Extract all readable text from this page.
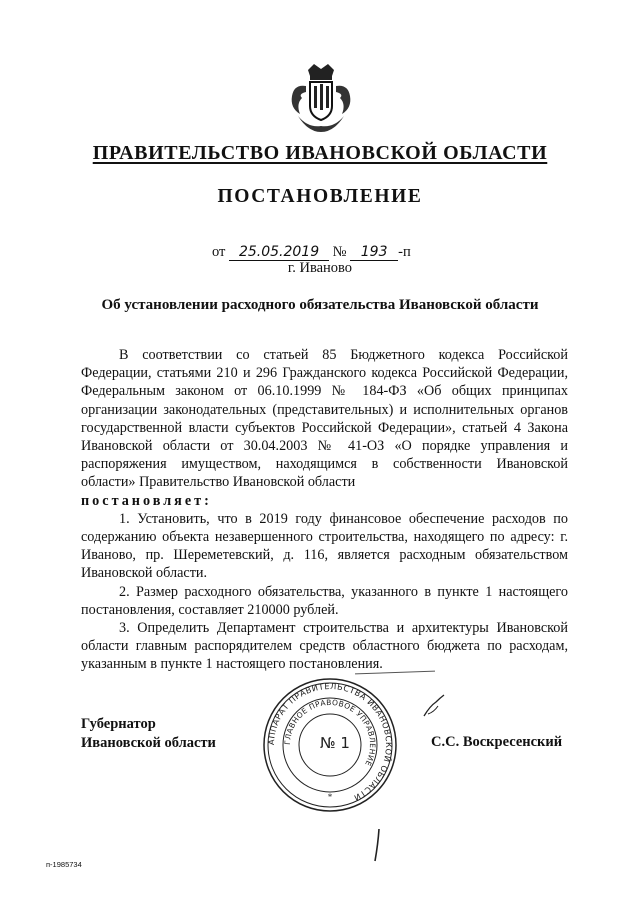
ПРАВИТЕЛЬСТВО ИВАНОВСКОЙ ОБЛАСТИ
ПОСТАНОВЛЕНИЕ
от 25.05.2019 № 193 -п
г. Иваново
Об установлении расходного обязательства Ивановской области

В соответствии со статьей 85 Бюджетного кодекса Российской Федерации, статьями 210 и 296 Гражданского кодекса Российской Федерации, Федеральным законом от 06.10.1999 № 184-ФЗ «Об общих принципах организации законодательных (представительных) и исполнительных органов государственной власти субъектов Российской Федерации», статьей 4 Закона Ивановской области от 30.04.2003 № 41-ОЗ «О порядке управления и распоряжения имуществом, находящимся в собственности Ивановской области» Правительство Ивановской области
постановляет:

1. Установить, что в 2019 году финансовое обеспечение расходов по содержанию объекта незавершенного строительства, находящего по адресу: г. Иваново, пр. Шереметевский, д. 116, является расходным обязательством Ивановской области.

2. Размер расходного обязательства, указанного в пункте 1 настоящего постановления, составляет 210000 рублей.

3. Определить Департамент строительства и архитектуры Ивановской области главным распорядителем средств областного бюджета по расходам, указанным в пункте 1 настоящего постановления.

Губернатор
Ивановской области	АППАРАТ ПРАВИТЕЛЬСТВА ИВАНОВСКОЙ ОБЛАСТИ
ГЛАВНОЕ ПРАВОВОЕ УПРАВЛЕНИЕ
*
№ 1	С.С. Воскресенский
п-1985734
